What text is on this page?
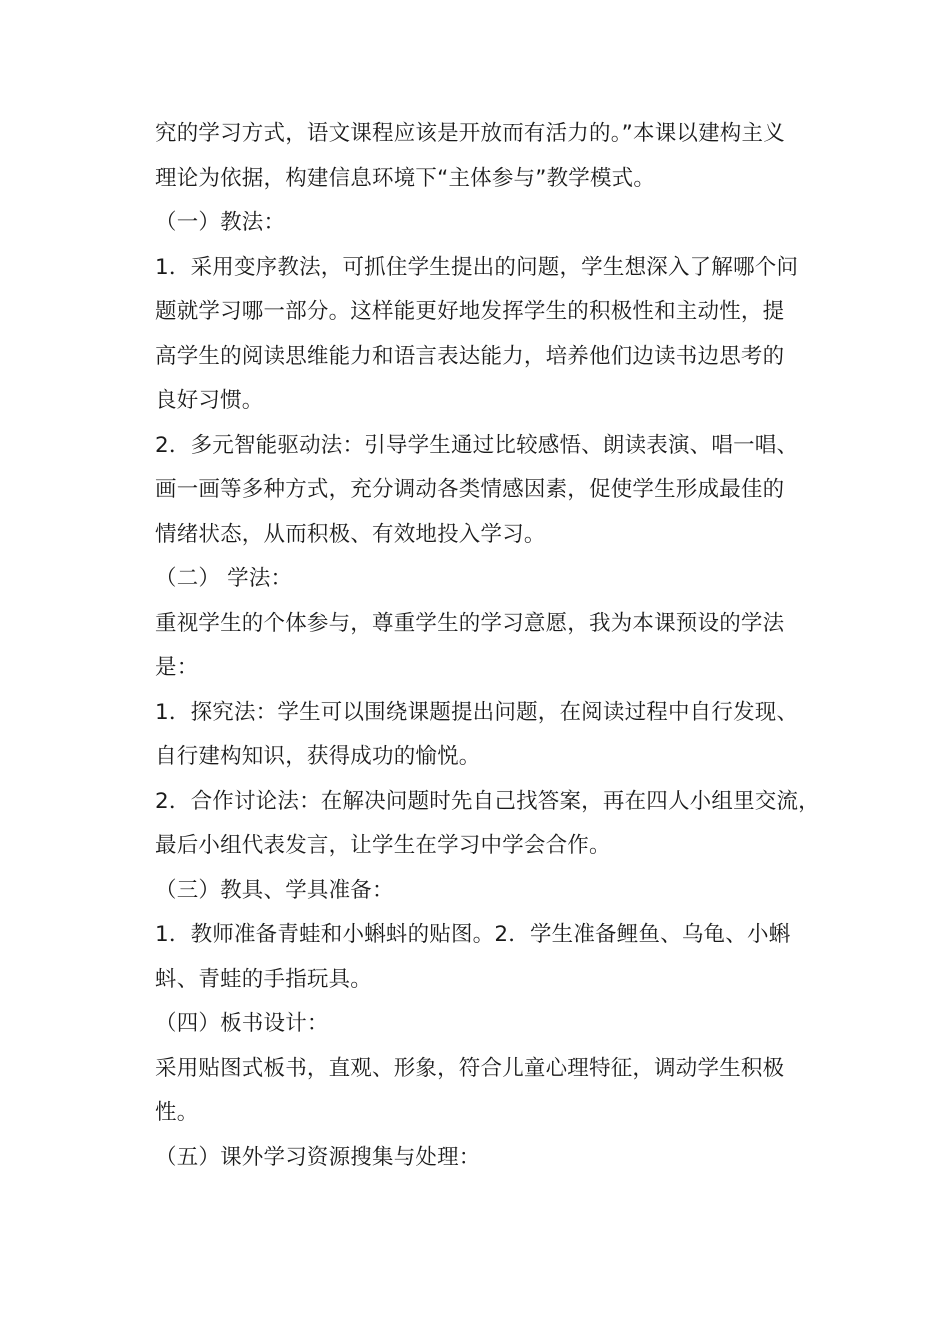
究的学习方式，语文课程应该是开放而有活力的。”本课以建构主义
理论为依据，构建信息环境下“主体参与”教学模式。
（一）教法：
1．采用变序教法，可抓住学生提出的问题，学生想深入了解哪个问
题就学习哪一部分。这样能更好地发挥学生的积极性和主动性，提
高学生的阅读思维能力和语言表达能力，培养他们边读书边思考的
良好习惯。
2．多元智能驱动法：引导学生通过比较感悟、朗读表演、唱一唱、
画一画等多种方式，充分调动各类情感因素，促使学生形成最佳的
情绪状态，从而积极、有效地投入学习。
（二） 学法：
重视学生的个体参与，尊重学生的学习意愿，我为本课预设的学法
是：
1．探究法：学生可以围绕课题提出问题，在阅读过程中自行发现、
自行建构知识，获得成功的愉悦。
2．合作讨论法：在解决问题时先自己找答案，再在四人小组里交流，
最后小组代表发言，让学生在学习中学会合作。
（三）教具、学具准备：
1．教师准备青蛙和小蝌蚪的贴图。2．学生准备鲤鱼、乌龟、小蝌
蚪、青蛙的手指玩具。
（四）板书设计：
采用贴图式板书，直观、形象，符合儿童心理特征，调动学生积极
性。
（五）课外学习资源搜集与处理：
